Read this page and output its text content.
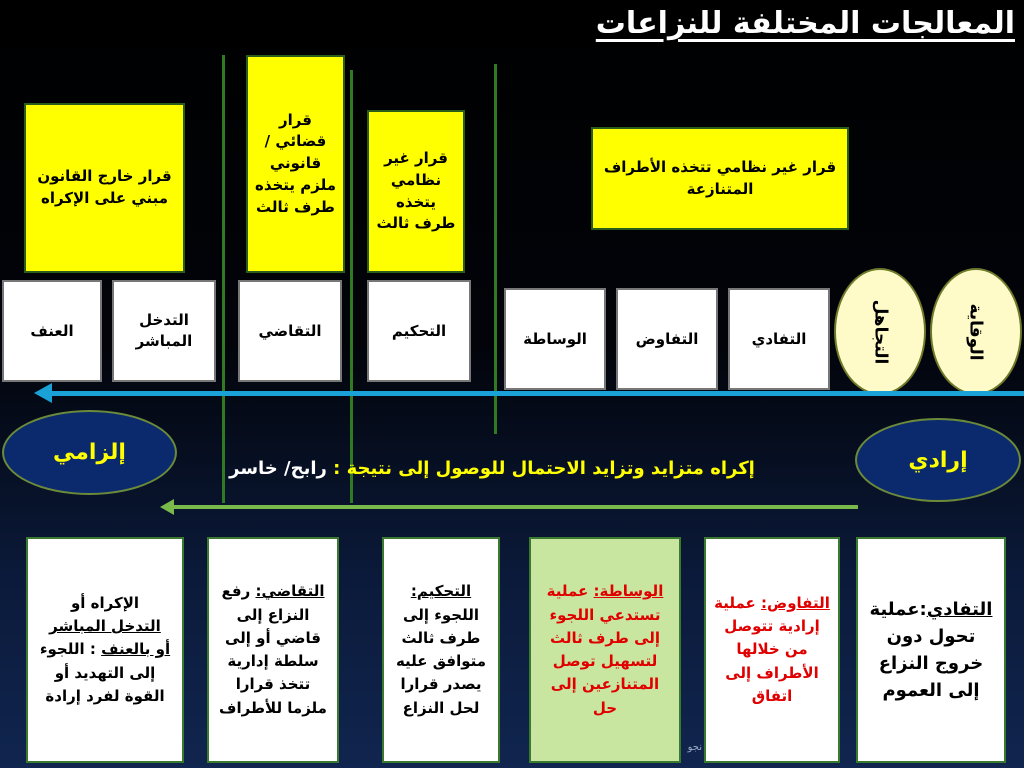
المعالجات المختلفة للنزاعات
قرار خارج القانون مبني على الإكراه
قرار قضائي /قانوني ملزم يتخذه طرف ثالث
قرار غير نظامي يتخذه طرف ثالث
قرار غير نظامي تتخذه الأطراف المتنازعة
العنف
التدخل المباشر
التقاضي	التحكيم	الوساطة	التفاوض	التفادي	التجاهل	الوقاية
إلزامي	إرادي
إكراه متزايد وتزايد الاحتمال للوصول إلى نتيجة : رابح/ خاسر
الإكراه أو
التدخل المباشر
أو بالعنف : اللجوء إلى التهديد أو القوة لفرد إرادة
التقاضي: رفع النزاع إلى قاضي أو إلى سلطة إدارية تتخذ قرارا ملزما للأطراف
التحكيم: اللجوء إلى طرف ثالث متوافق عليه يصدر قرارا لحل النزاع
الوساطة: عملية تستدعي اللجوء إلى طرف ثالث لتسهيل توصل المتنازعين إلى حل
التفاوض: عملية إرادية تتوصل من خلالها الأطراف إلى اتفاق
التفادي:عملية تحول دون خروج النزاع إلى العموم
نجو
